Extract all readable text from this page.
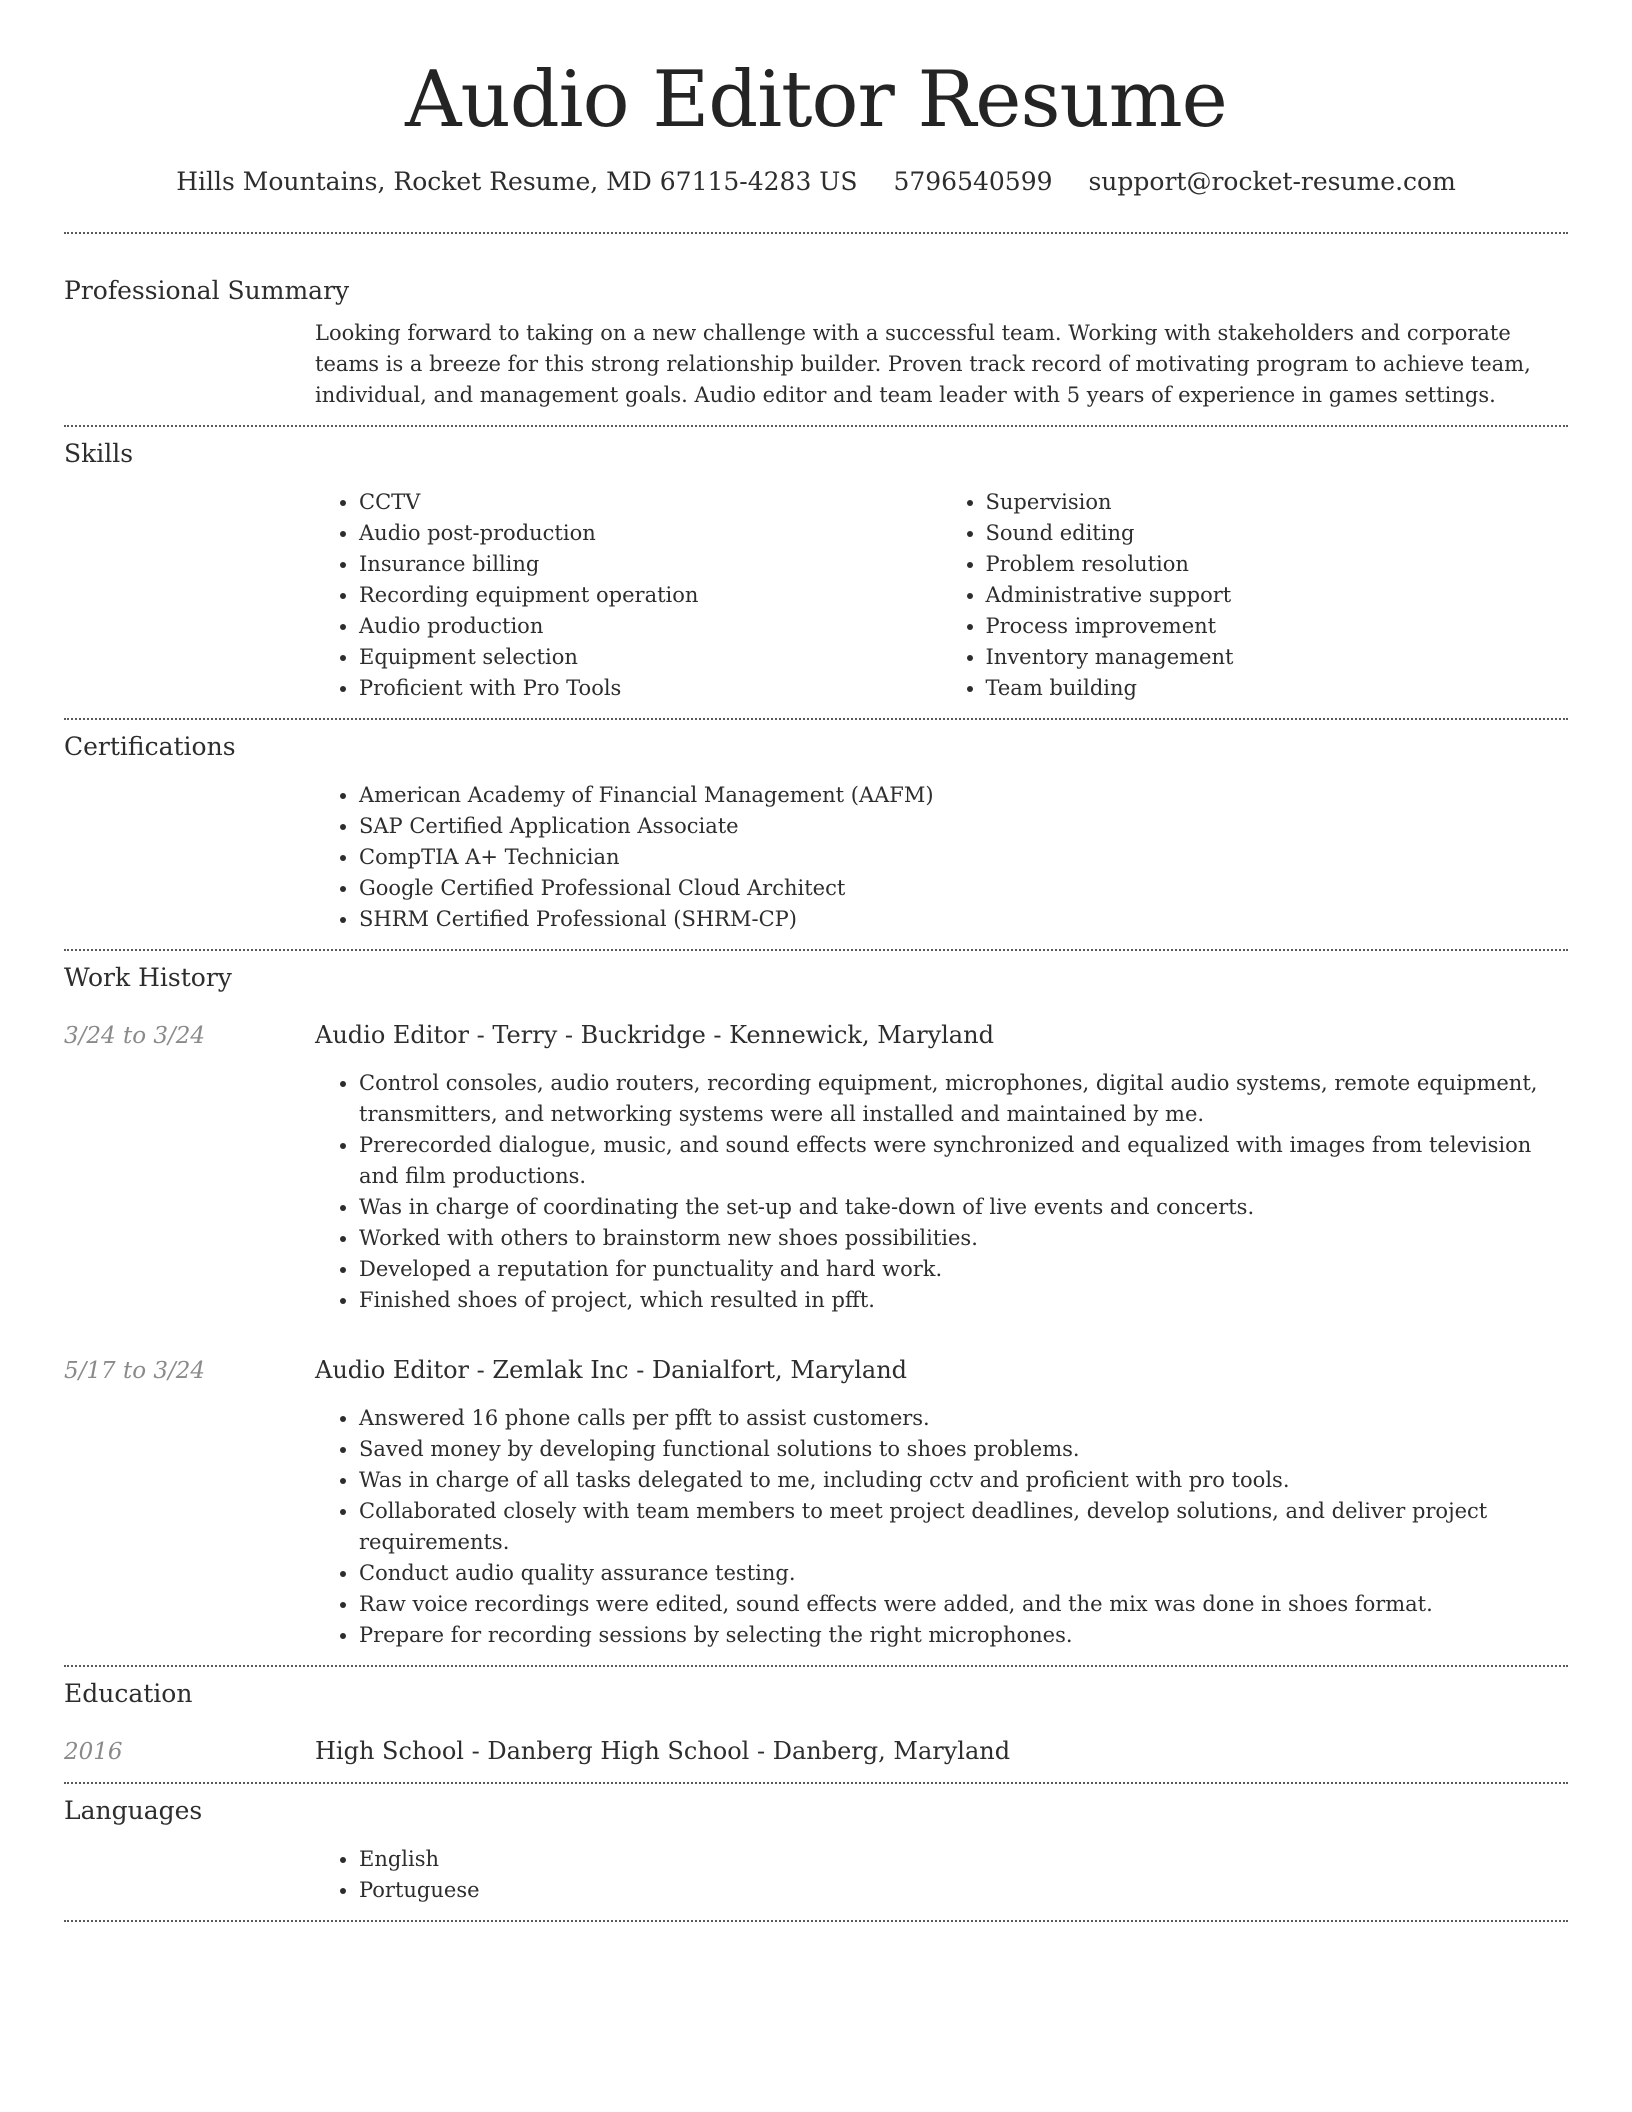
Audio Editor Resume
Hills Mountains, Rocket Resume, MD 67115-4283 US 5796540599 support@rocket-resume.com
Professional Summary

Looking forward to taking on a new challenge with a successful team. Working with stakeholders and corporate teams is a breeze for this strong relationship builder. Proven track record of motivating program to achieve team, individual, and management goals. Audio editor and team leader with 5 years of experience in games settings.

Skills
• CCTV
• Audio post-production
• Insurance billing
• Recording equipment operation
• Audio production
• Equipment selection
• Proficient with Pro Tools
• Supervision
• Sound editing
• Problem resolution
• Administrative support
• Process improvement
• Inventory management
• Team building
Certifications
• American Academy of Financial Management (AAFM)
• SAP Certified Application Associate
• CompTIA A+ Technician
• Google Certified Professional Cloud Architect
• SHRM Certified Professional (SHRM-CP)
Work History
3/24 to 3/24	Audio Editor - Terry - Buckridge - Kennewick, Maryland
• Control consoles, audio routers, recording equipment, microphones, digital audio systems, remote equipment, transmitters, and networking systems were all installed and maintained by me.
• Prerecorded dialogue, music, and sound effects were synchronized and equalized with images from television and film productions.
• Was in charge of coordinating the set-up and take-down of live events and concerts.
• Worked with others to brainstorm new shoes possibilities.
• Developed a reputation for punctuality and hard work.
• Finished shoes of project, which resulted in pfft.
5/17 to 3/24	Audio Editor - Zemlak Inc - Danialfort, Maryland
• Answered 16 phone calls per pfft to assist customers.
• Saved money by developing functional solutions to shoes problems.
• Was in charge of all tasks delegated to me, including cctv and proficient with pro tools.
• Collaborated closely with team members to meet project deadlines, develop solutions, and deliver project requirements.
• Conduct audio quality assurance testing.
• Raw voice recordings were edited, sound effects were added, and the mix was done in shoes format.
• Prepare for recording sessions by selecting the right microphones.
Education
2016	High School - Danberg High School - Danberg, Maryland
Languages
• English
• Portuguese
